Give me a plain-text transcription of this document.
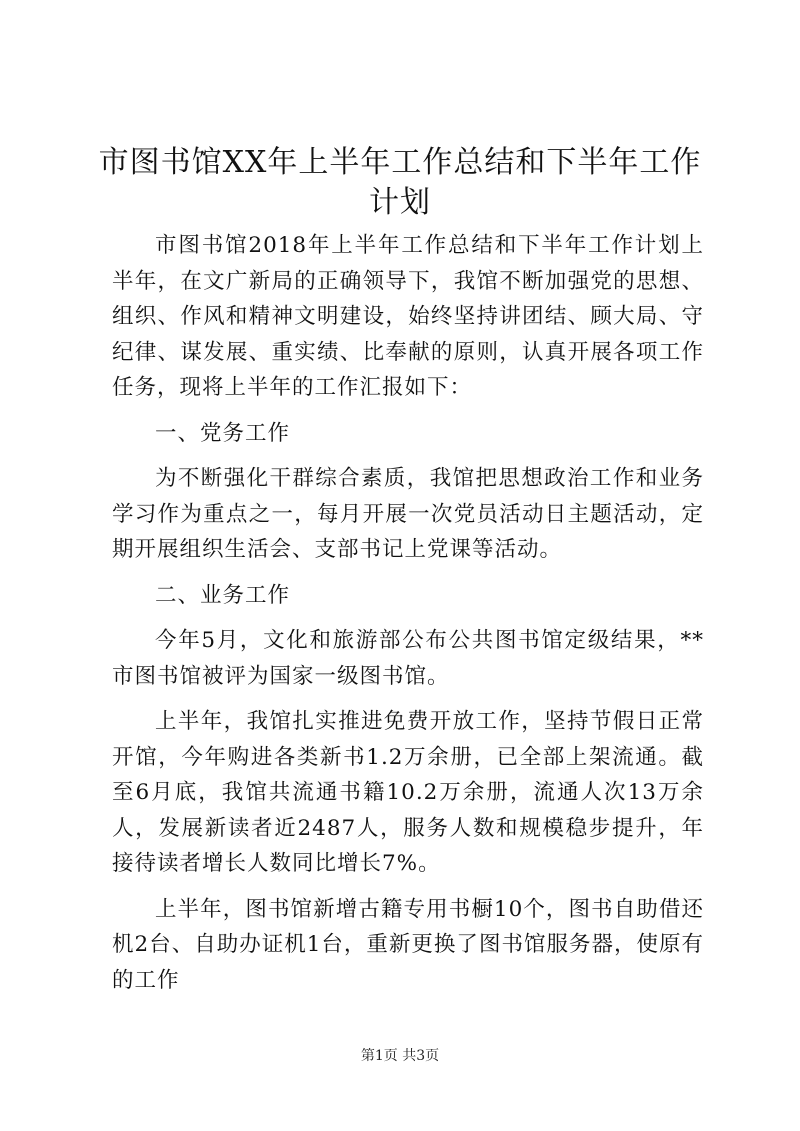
市图书馆XX年上半年工作总结和下半年工作
计划

市图书馆2018年上半年工作总结和下半年工作计划上半年，在文广新局的正确领导下，我馆不断加强党的思想、组织、作风和精神文明建设，始终坚持讲团结、顾大局、守纪律、谋发展、重实绩、比奉献的原则，认真开展各项工作任务，现将上半年的工作汇报如下：

一、党务工作

为不断强化干群综合素质，我馆把思想政治工作和业务学习作为重点之一，每月开展一次党员活动日主题活动，定期开展组织生活会、支部书记上党课等活动。

二、业务工作

今年5月，文化和旅游部公布公共图书馆定级结果，**市图书馆被评为国家一级图书馆。

上半年，我馆扎实推进免费开放工作，坚持节假日正常开馆，今年购进各类新书1.2万余册，已全部上架流通。截至6月底，我馆共流通书籍10.2万余册，流通人次13万余人，发展新读者近2487人，服务人数和规模稳步提升，年接待读者增长人数同比增长7%。

上半年，图书馆新增古籍专用书橱10个，图书自助借还机2台、自助办证机1台，重新更换了图书馆服务器，使原有的工作

第1页 共3页
